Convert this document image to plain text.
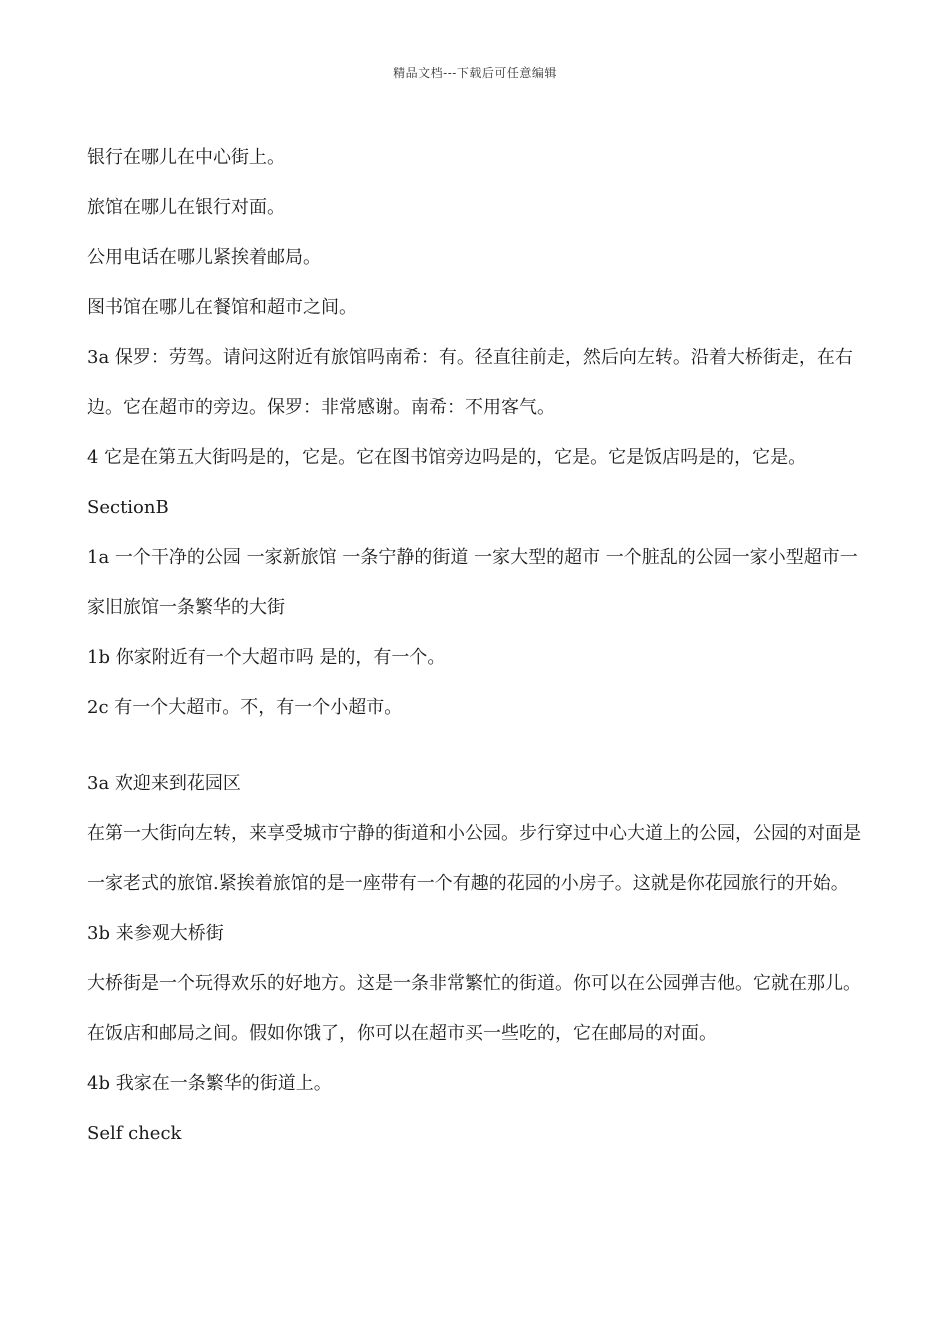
精品文档---下载后可任意编辑

银行在哪儿在中心街上。

旅馆在哪儿在银行对面。

公用电话在哪儿紧挨着邮局。

图书馆在哪儿在餐馆和超市之间。

3a 保罗：劳驾。请问这附近有旅馆吗南希：有。径直往前走，然后向左转。沿着大桥街走，在右边。它在超市的旁边。保罗：非常感谢。南希：不用客气。

4 它是在第五大街吗是的，它是。它在图书馆旁边吗是的，它是。它是饭店吗是的，它是。

SectionB

1a 一个干净的公园 一家新旅馆 一条宁静的街道 一家大型的超市 一个脏乱的公园一家小型超市一家旧旅馆一条繁华的大街

1b 你家附近有一个大超市吗 是的，有一个。

2c 有一个大超市。不，有一个小超市。

3a 欢迎来到花园区

在第一大街向左转，来享受城市宁静的街道和小公园。步行穿过中心大道上的公园，公园的对面是一家老式的旅馆.紧挨着旅馆的是一座带有一个有趣的花园的小房子。这就是你花园旅行的开始。

3b 来参观大桥街

大桥街是一个玩得欢乐的好地方。这是一条非常繁忙的街道。你可以在公园弹吉他。它就在那儿。在饭店和邮局之间。假如你饿了，你可以在超市买一些吃的，它在邮局的对面。

4b 我家在一条繁华的街道上。

Self check
